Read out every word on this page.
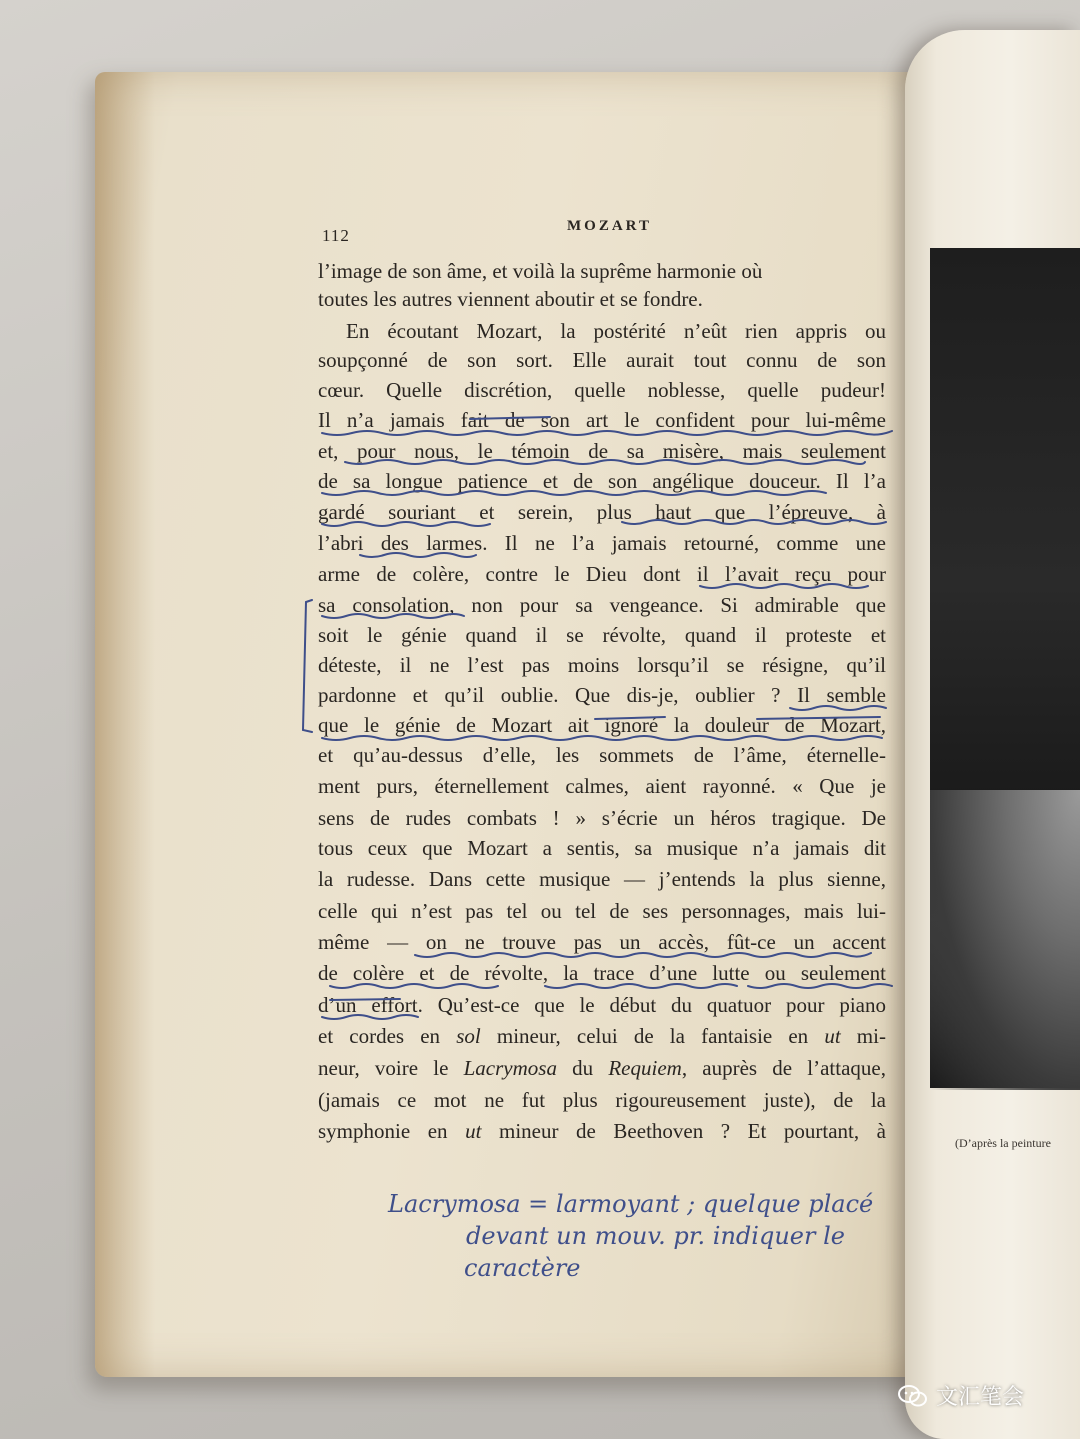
112	MOZART

l’image de son âme, et voilà la suprême harmonie où

toutes les autres viennent aboutir et se fondre.

En écoutant Mozart, la postérité n’eût rien appris ou

soupçonné de son sort. Elle aurait tout connu de son

cœur. Quelle discrétion, quelle noblesse, quelle pudeur!

Il n’a jamais fait de son art le confident pour lui-même

et, pour nous, le témoin de sa misère, mais seulement

de sa longue patience et de son angélique douceur. Il l’a

gardé souriant et serein, plus haut que l’épreuve, à

l’abri des larmes. Il ne l’a jamais retourné, comme une

arme de colère, contre le Dieu dont il l’avait reçu pour

sa consolation, non pour sa vengeance. Si admirable que

soit le génie quand il se révolte, quand il proteste et

déteste, il ne l’est pas moins lorsqu’il se résigne, qu’il

pardonne et qu’il oublie. Que dis-je, oublier ? Il semble

que le génie de Mozart ait ignoré la douleur de Mozart,

et qu’au-dessus d’elle, les sommets de l’âme, éternelle-

ment purs, éternellement calmes, aient rayonné. « Que je

sens de rudes combats ! » s’écrie un héros tragique. De

tous ceux que Mozart a sentis, sa musique n’a jamais dit

la rudesse. Dans cette musique — j’entends la plus sienne,

celle qui n’est pas tel ou tel de ses personnages, mais lui-

même — on ne trouve pas un accès, fût-ce un accent

de colère et de révolte, la trace d’une lutte ou seulement

d’un effort. Qu’est-ce que le début du quatuor pour piano

et cordes en sol mineur, celui de la fantaisie en ut mi-

neur, voire le Lacrymosa du Requiem, auprès de l’attaque,

(jamais ce mot ne fut plus rigoureusement juste), de la

symphonie en ut mineur de Beethoven ? Et pourtant, à

Lacrymosa = larmoyant ; quelque placé
devant un mouv. pr. indiquer le
caractère

(D’après la peinture

文汇笔会
